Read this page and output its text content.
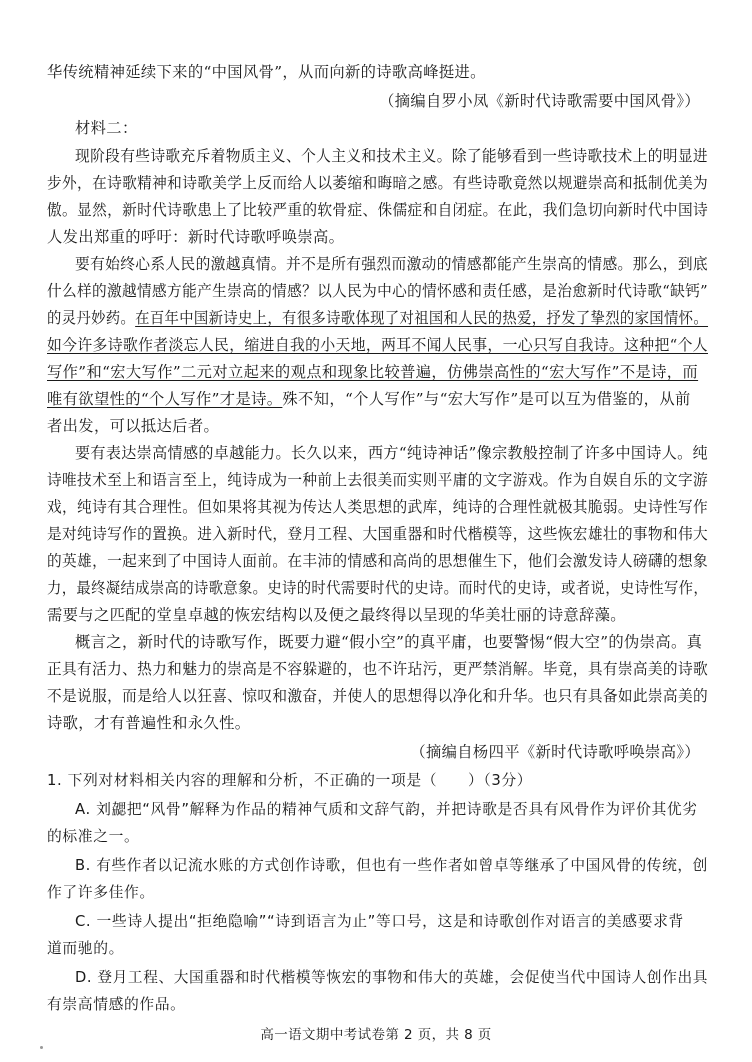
华传统精神延续下来的“中国风骨”，从而向新的诗歌高峰挺进。
（摘编自罗小凤《新时代诗歌需要中国风骨》）
材料二：
现阶段有些诗歌充斥着物质主义、个人主义和技术主义。除了能够看到一些诗歌技术上的明显进
步外，在诗歌精神和诗歌美学上反而给人以萎缩和晦暗之感。有些诗歌竟然以规避崇高和抵制优美为
傲。显然，新时代诗歌患上了比较严重的软骨症、侏儒症和自闭症。在此，我们急切向新时代中国诗
人发出郑重的呼吁：新时代诗歌呼唤崇高。
要有始终心系人民的激越真情。并不是所有强烈而激动的情感都能产生崇高的情感。那么，到底
什么样的激越情感方能产生崇高的情感？以人民为中心的情怀感和责任感，是治愈新时代诗歌“缺钙”
的灵丹妙药。在百年中国新诗史上，有很多诗歌体现了对祖国和人民的热爱，抒发了挚烈的家国情怀。
如今许多诗歌作者淡忘人民，缩进自我的小天地，两耳不闻人民事，一心只写自我诗。这种把“个人
写作”和“宏大写作”二元对立起来的观点和现象比较普遍，仿佛崇高性的“宏大写作”不是诗，而
唯有欲望性的“个人写作”才是诗。殊不知，“个人写作”与“宏大写作”是可以互为借鉴的，从前
者出发，可以抵达后者。
要有表达崇高情感的卓越能力。长久以来，西方“纯诗神话”像宗教般控制了许多中国诗人。纯
诗唯技术至上和语言至上，纯诗成为一种前上去很美而实则平庸的文字游戏。作为自娱自乐的文字游
戏，纯诗有其合理性。但如果将其视为传达人类思想的武库，纯诗的合理性就极其脆弱。史诗性写作
是对纯诗写作的置换。进入新时代，登月工程、大国重器和时代楷模等，这些恢宏雄壮的事物和伟大
的英雄，一起来到了中国诗人面前。在丰沛的情感和高尚的思想催生下，他们会激发诗人磅礴的想象
力，最终凝结成崇高的诗歌意象。史诗的时代需要时代的史诗。而时代的史诗，或者说，史诗性写作，
需要与之匹配的堂皇卓越的恢宏结构以及便之最终得以呈现的华美壮丽的诗意辞藻。
概言之，新时代的诗歌写作，既要力避“假小空”的真平庸，也要警惕“假大空”的伪崇高。真
正具有活力、热力和魅力的崇高是不容躲避的，也不许玷污，更严禁消解。毕竟，具有崇高美的诗歌
不是说服，而是给人以狂喜、惊叹和激奋，并使人的思想得以净化和升华。也只有具备如此崇高美的
诗歌，才有普遍性和永久性。
（摘编自杨四平《新时代诗歌呼唤崇高》）
1. 下列对材料相关内容的理解和分析，不正确的一项是（　　）（3分）
A. 刘勰把“风骨”解释为作品的精神气质和文辞气韵，并把诗歌是否具有风骨作为评价其优劣
的标准之一。
B. 有些作者以记流水账的方式创作诗歌，但也有一些作者如曾卓等继承了中国风骨的传统，创
作了许多佳作。
C. 一些诗人提出“拒绝隐喻”“诗到语言为止”等口号，这是和诗歌创作对语言的美感要求背
道而驰的。
D. 登月工程、大国重器和时代楷模等恢宏的事物和伟大的英雄，会促使当代中国诗人创作出具
有崇高情感的作品。
高一语文期中考试卷第 2 页，共 8 页
